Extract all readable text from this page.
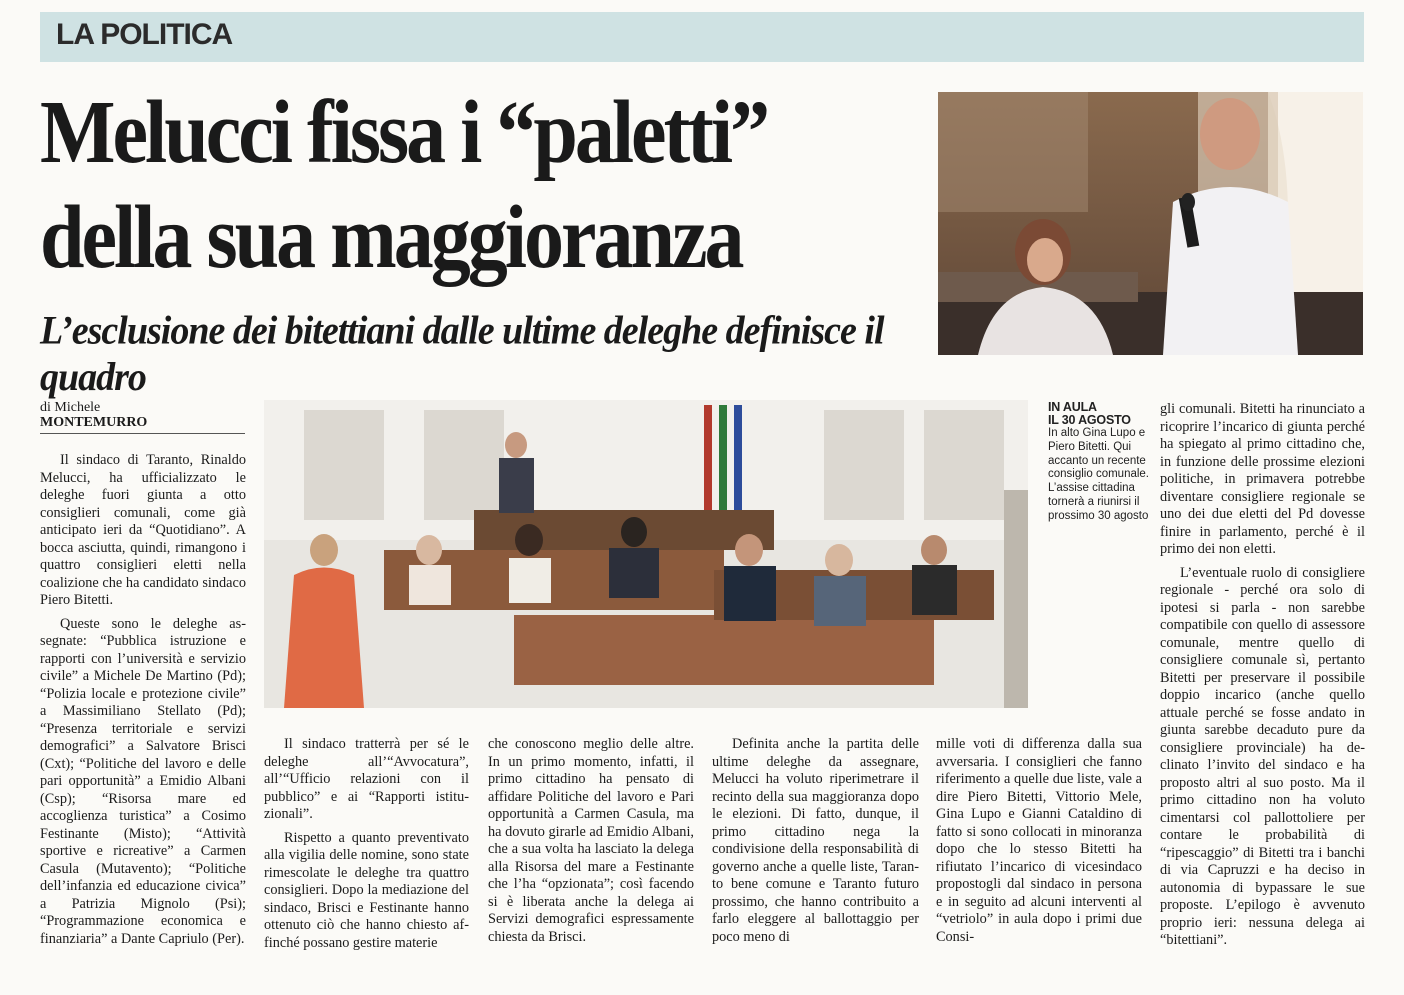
LA POLITICA
Melucci fissa i “paletti”
della sua maggioranza
L’esclusione dei bitettiani dalle ultime deleghe definisce il quadro
di Michele
MONTEMURRO
IN AULA
IL 30 AGOSTO
In alto Gina Lupo e Piero Bitetti. Qui accanto un recente consiglio comunale. L’assise cittadina tornerà a riunirsi il prossimo 30 agosto

Il sindaco di Taranto, Rinaldo Melucci, ha ufficializzato le deleghe fuori giunta a otto consiglieri comunali, come già anticipato ieri da “Quotidiano”. A bocca asciutta, quindi, rimangono i quattro consiglieri eletti nella coalizione che ha candidato sindaco Piero Bitetti.

Queste sono le deleghe assegnate: “Pubblica istruzione e rapporti con l’università e servizio civile” a Michele De Martino (Pd); “Polizia locale e protezione civile” a Massimiliano Stellato (Pd); “Presenza territoriale e servizi demografici” a Salvatore Brisci (Cxt); “Politiche del lavoro e delle pari opportunità” a Emidio Albani (Csp); “Risorsa mare ed accoglienza turistica” a Cosimo Festinante (Misto); “Attività sportive e ricreative” a Carmen Casula (Mutavento); “Politiche dell’infanzia ed educazione civica” a Patrizia Mignolo (Psi); “Programmazione economica e finanziaria” a Dante Capriulo (Per).

Il sindaco tratterrà per sé le deleghe all’“Avvocatura”, all’“Ufficio relazioni con il pubblico” e ai “Rapporti istituzionali”.

Rispetto a quanto preventivato alla vigilia delle nomine, sono state rimescolate le deleghe tra quattro consiglieri. Dopo la mediazione del sindaco, Brisci e Festinante hanno ottenuto ciò che hanno chiesto affinché possano gestire materie

che conoscono meglio delle altre. In un primo momento, infatti, il primo cittadino ha pensato di affidare Politiche del lavoro e Pari opportunità a Carmen Casula, ma ha dovuto girarle ad Emidio Albani, che a sua volta ha lasciato la delega alla Risorsa del mare a Festinante che l’ha “opzionata”; così facendo si è liberata anche la delega ai Servizi demografici espressamente chiesta da Brisci.

Definita anche la partita delle ultime deleghe da assegnare, Melucci ha voluto riperimetrare il recinto della sua maggioranza dopo le elezioni. Di fatto, dunque, il primo cittadino nega la condivisione della responsabilità di governo anche a quelle liste, Taranto bene comune e Taranto futuro prossimo, che hanno contribuito a farlo eleggere al ballottaggio per poco meno di

mille voti di differenza dalla sua avversaria. I consiglieri che fanno riferimento a quelle due liste, vale a dire Piero Bitetti, Vittorio Mele, Gina Lupo e Gianni Cataldino di fatto si sono collocati in minoranza dopo che lo stesso Bitetti ha rifiutato l’incarico di vicesindaco propostogli dal sindaco in persona e in seguito ad alcuni interventi al “vetriolo” in aula dopo i primi due Consi-

gli comunali. Bitetti ha rinunciato a ricoprire l’incarico di giunta perché ha spiegato al primo cittadino che, in funzione delle prossime elezioni politiche, in primavera potrebbe diventare consigliere regionale se uno dei due eletti del Pd dovesse finire in parlamento, perché è il primo dei non eletti.

L’eventuale ruolo di consigliere regionale - perché ora solo di ipotesi si parla - non sarebbe compatibile con quello di assessore comunale, mentre quello di consigliere comunale sì, pertanto Bitetti per preservare il possibile doppio incarico (anche quello attuale perché se fosse andato in giunta sarebbe decaduto pure da consigliere provinciale) ha declinato l’invito del sindaco e ha proposto altri al suo posto. Ma il primo cittadino non ha voluto cimentarsi col pallottoliere per contare le probabilità di “ripescaggio” di Bitetti tra i banchi di via Capruzzi e ha deciso in autonomia di bypassare le sue proposte. L’epilogo è avvenuto proprio ieri: nessuna delega ai “bitettiani”.
